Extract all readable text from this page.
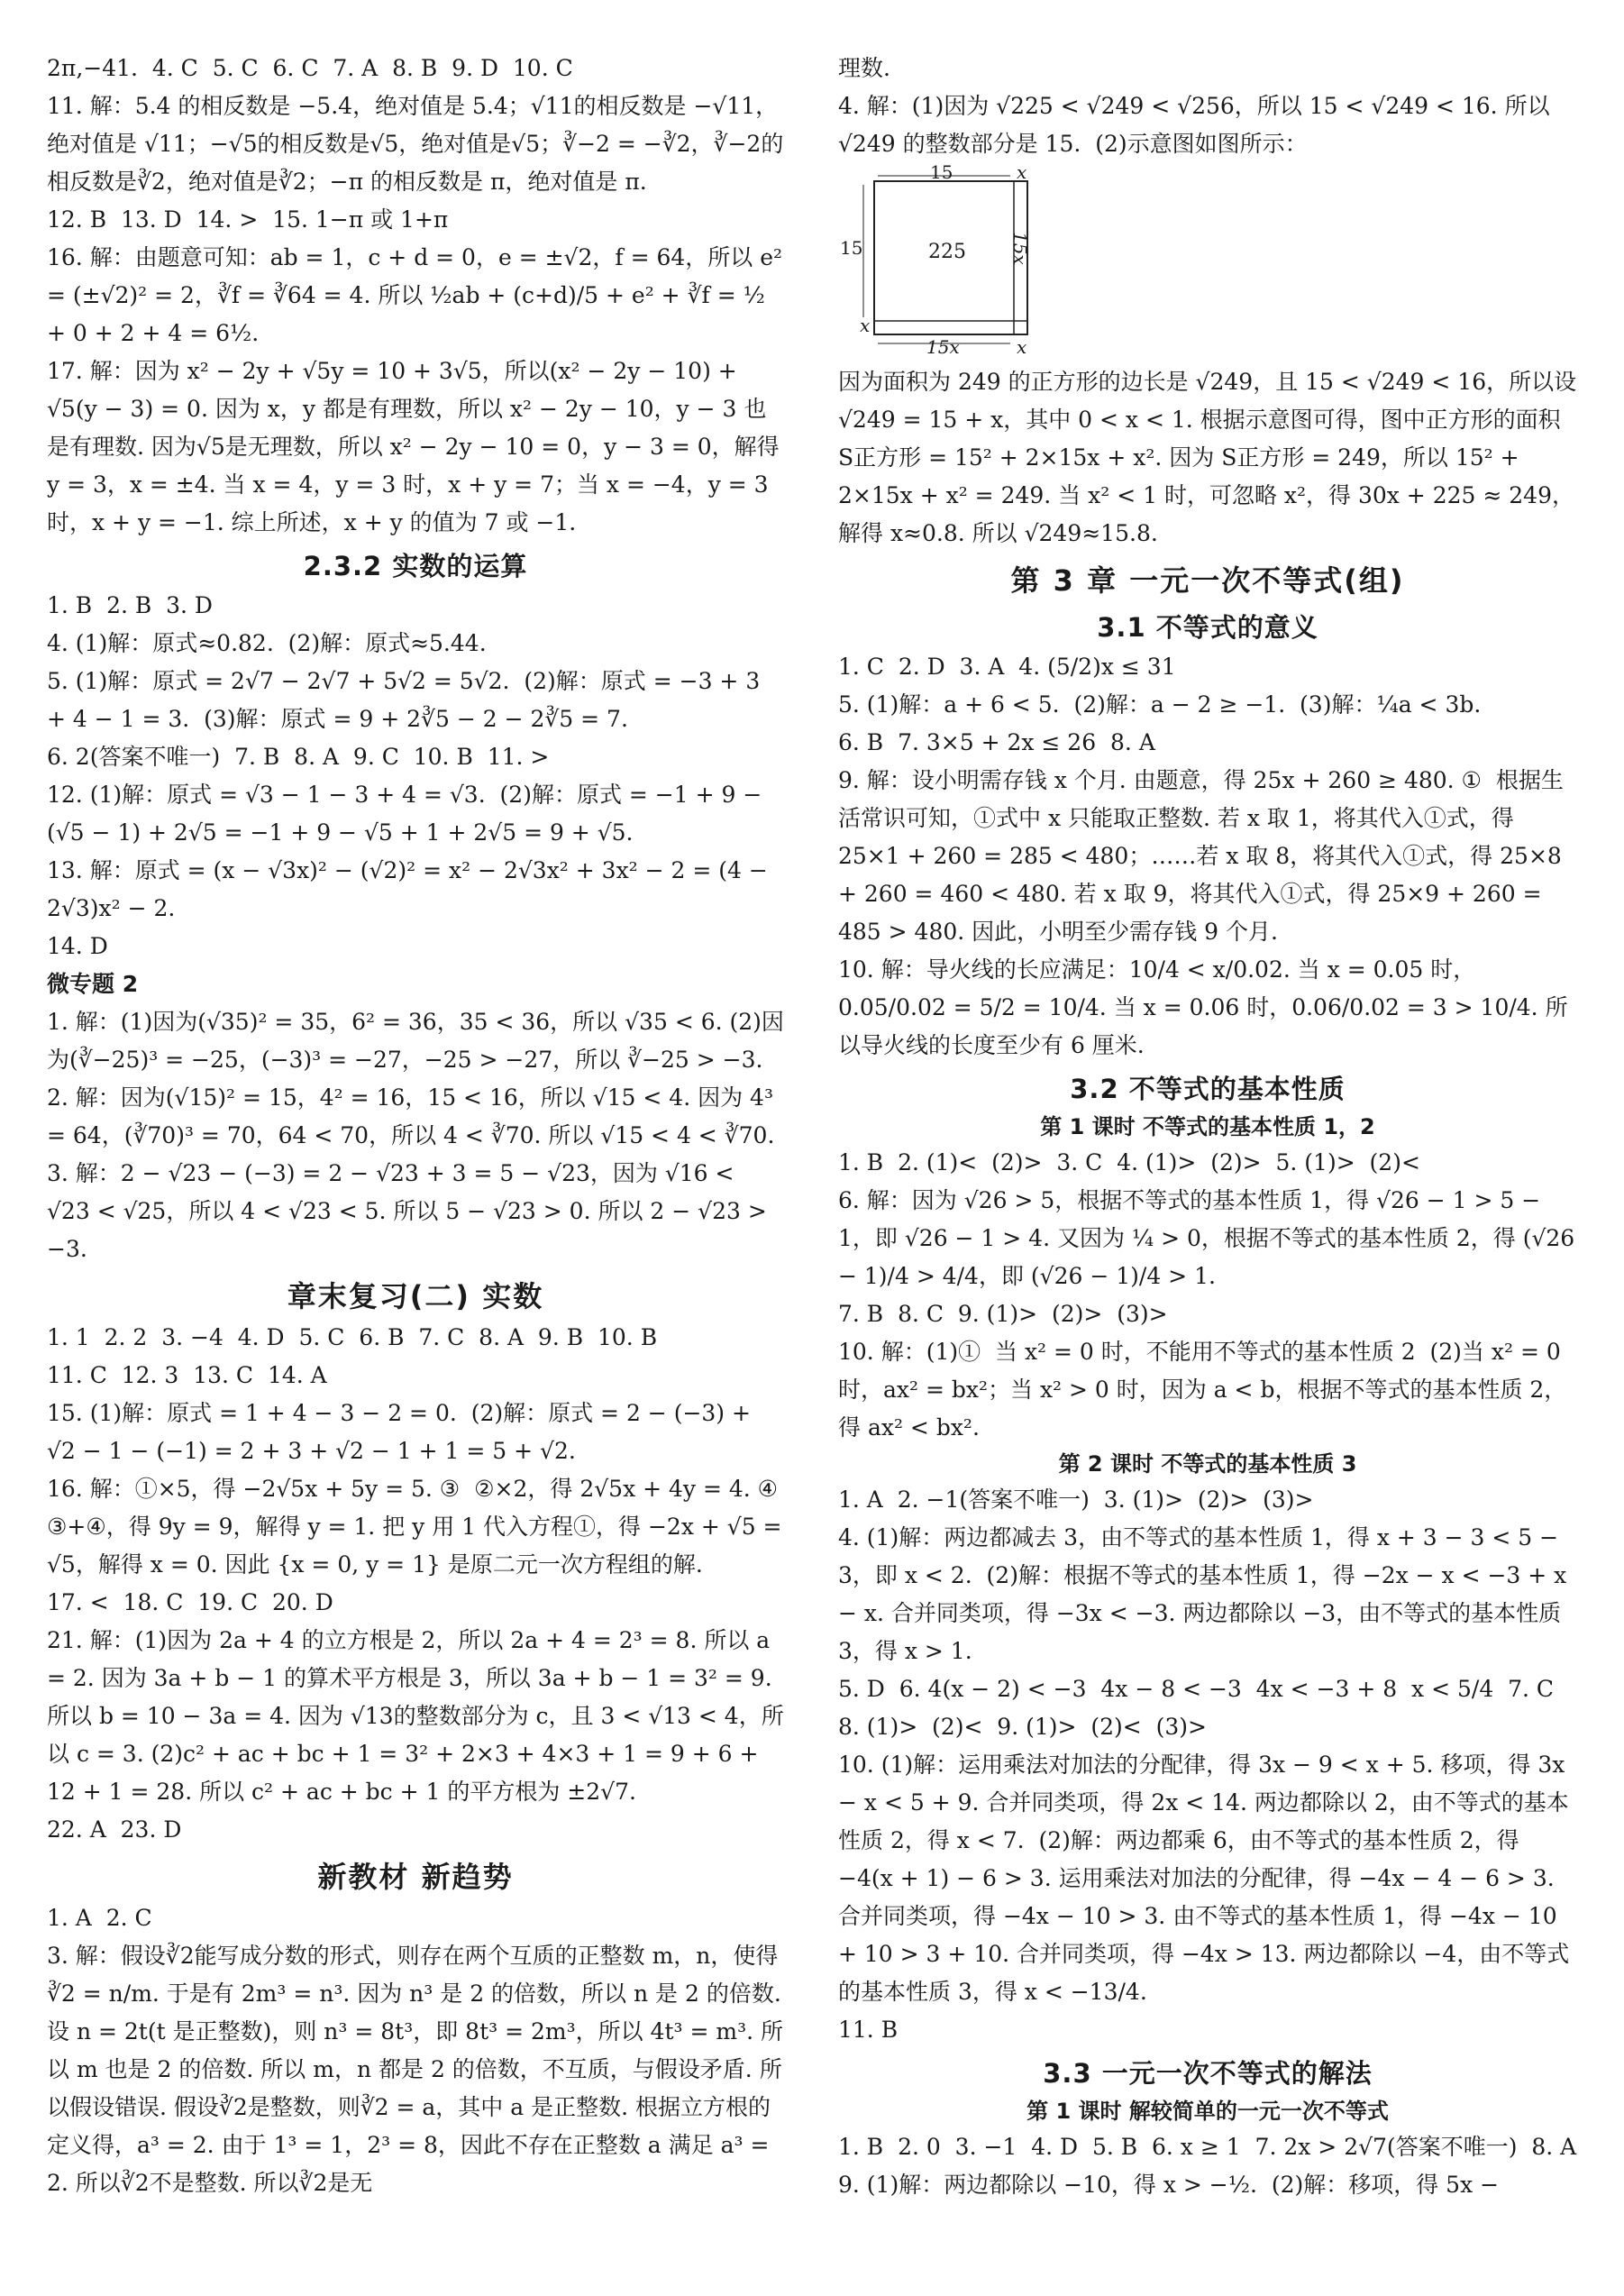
2π,−41.  4. C  5. C  6. C  7. A  8. B  9. D  10. C

11. 解：5.4 的相反数是 −5.4，绝对值是 5.4；√11的相反数是 −√11，绝对值是 √11；−√5的相反数是√5，绝对值是√5；∛−2 = −∛2，∛−2的相反数是∛2，绝对值是∛2；−π 的相反数是 π，绝对值是 π.

12. B  13. D  14. >  15. 1−π 或 1+π

16. 解：由题意可知：ab = 1，c + d = 0，e = ±√2，f = 64，所以 e² = (±√2)² = 2，∛f = ∛64 = 4. 所以 ½ab + (c+d)/5 + e² + ∛f = ½ + 0 + 2 + 4 = 6½.

17. 解：因为 x² − 2y + √5y = 10 + 3√5，所以(x² − 2y − 10) + √5(y − 3) = 0. 因为 x，y 都是有理数，所以 x² − 2y − 10，y − 3 也是有理数. 因为√5是无理数，所以 x² − 2y − 10 = 0，y − 3 = 0，解得 y = 3，x = ±4. 当 x = 4，y = 3 时，x + y = 7；当 x = −4，y = 3 时，x + y = −1. 综上所述，x + y 的值为 7 或 −1.

2.3.2 实数的运算

1. B  2. B  3. D

4. (1)解：原式≈0.82.  (2)解：原式≈5.44.

5. (1)解：原式 = 2√7 − 2√7 + 5√2 = 5√2.  (2)解：原式 = −3 + 3 + 4 − 1 = 3.  (3)解：原式 = 9 + 2∛5 − 2 − 2∛5 = 7.

6. 2(答案不唯一)  7. B  8. A  9. C  10. B  11. >

12. (1)解：原式 = √3 − 1 − 3 + 4 = √3.  (2)解：原式 = −1 + 9 − (√5 − 1) + 2√5 = −1 + 9 − √5 + 1 + 2√5 = 9 + √5.

13. 解：原式 = (x − √3x)² − (√2)² = x² − 2√3x² + 3x² − 2 = (4 − 2√3)x² − 2.

14. D

微专题 2

1. 解：(1)因为(√35)² = 35，6² = 36，35 < 36，所以 √35 < 6. (2)因为(∛−25)³ = −25，(−3)³ = −27，−25 > −27，所以 ∛−25 > −3.

2. 解：因为(√15)² = 15，4² = 16，15 < 16，所以 √15 < 4. 因为 4³ = 64，(∛70)³ = 70，64 < 70，所以 4 < ∛70. 所以 √15 < 4 < ∛70.

3. 解：2 − √23 − (−3) = 2 − √23 + 3 = 5 − √23，因为 √16 < √23 < √25，所以 4 < √23 < 5. 所以 5 − √23 > 0. 所以 2 − √23 > −3.

章末复习(二) 实数

1. 1  2. 2  3. −4  4. D  5. C  6. B  7. C  8. A  9. B  10. B

11. C  12. 3  13. C  14. A

15. (1)解：原式 = 1 + 4 − 3 − 2 = 0.  (2)解：原式 = 2 − (−3) + √2 − 1 − (−1) = 2 + 3 + √2 − 1 + 1 = 5 + √2.

16. 解：①×5，得 −2√5x + 5y = 5. ③  ②×2，得 2√5x + 4y = 4. ④  ③+④，得 9y = 9，解得 y = 1. 把 y 用 1 代入方程①，得 −2x + √5 = √5，解得 x = 0. 因此 {x = 0, y = 1} 是原二元一次方程组的解.

17. <  18. C  19. C  20. D

21. 解：(1)因为 2a + 4 的立方根是 2，所以 2a + 4 = 2³ = 8. 所以 a = 2. 因为 3a + b − 1 的算术平方根是 3，所以 3a + b − 1 = 3² = 9. 所以 b = 10 − 3a = 4. 因为 √13的整数部分为 c，且 3 < √13 < 4，所以 c = 3. (2)c² + ac + bc + 1 = 3² + 2×3 + 4×3 + 1 = 9 + 6 + 12 + 1 = 28. 所以 c² + ac + bc + 1 的平方根为 ±2√7.

22. A  23. D

新教材 新趋势

1. A  2. C

3. 解：假设∛2能写成分数的形式，则存在两个互质的正整数 m，n，使得∛2 = n/m. 于是有 2m³ = n³. 因为 n³ 是 2 的倍数，所以 n 是 2 的倍数. 设 n = 2t(t 是正整数)，则 n³ = 8t³，即 8t³ = 2m³，所以 4t³ = m³. 所以 m 也是 2 的倍数. 所以 m，n 都是 2 的倍数，不互质，与假设矛盾. 所以假设错误. 假设∛2是整数，则∛2 = a，其中 a 是正整数. 根据立方根的定义得，a³ = 2. 由于 1³ = 1，2³ = 8，因此不存在正整数 a 满足 a³ = 2. 所以∛2不是整数. 所以∛2是无

理数.

4. 解：(1)因为 √225 < √249 < √256，所以 15 < √249 < 16. 所以 √249 的整数部分是 15.  (2)示意图如图所示：

15
15	225 15x
15x
x
x
x

因为面积为 249 的正方形的边长是 √249，且 15 < √249 < 16，所以设 √249 = 15 + x，其中 0 < x < 1. 根据示意图可得，图中正方形的面积 S正方形 = 15² + 2×15x + x². 因为 S正方形 = 249，所以 15² + 2×15x + x² = 249. 当 x² < 1 时，可忽略 x²，得 30x + 225 ≈ 249，解得 x≈0.8. 所以 √249≈15.8.

第 3 章 一元一次不等式(组)
3.1 不等式的意义

1. C  2. D  3. A  4. (5/2)x ≤ 31

5. (1)解：a + 6 < 5.  (2)解：a − 2 ≥ −1.  (3)解：¼a < 3b.

6. B  7. 3×5 + 2x ≤ 26  8. A

9. 解：设小明需存钱 x 个月. 由题意，得 25x + 260 ≥ 480. ①  根据生活常识可知，①式中 x 只能取正整数. 若 x 取 1，将其代入①式，得 25×1 + 260 = 285 < 480；……若 x 取 8，将其代入①式，得 25×8 + 260 = 460 < 480. 若 x 取 9，将其代入①式，得 25×9 + 260 = 485 > 480. 因此，小明至少需存钱 9 个月.

10. 解：导火线的长应满足：10/4 < x/0.02. 当 x = 0.05 时，0.05/0.02 = 5/2 = 10/4. 当 x = 0.06 时，0.06/0.02 = 3 > 10/4. 所以导火线的长度至少有 6 厘米.

3.2 不等式的基本性质
第 1 课时 不等式的基本性质 1，2

1. B  2. (1)<  (2)>  3. C  4. (1)>  (2)>  5. (1)>  (2)<

6. 解：因为 √26 > 5，根据不等式的基本性质 1，得 √26 − 1 > 5 − 1，即 √26 − 1 > 4. 又因为 ¼ > 0，根据不等式的基本性质 2，得 (√26 − 1)/4 > 4/4，即 (√26 − 1)/4 > 1.

7. B  8. C  9. (1)>  (2)>  (3)>

10. 解：(1)①  当 x² = 0 时，不能用不等式的基本性质 2  (2)当 x² = 0 时，ax² = bx²；当 x² > 0 时，因为 a < b，根据不等式的基本性质 2，得 ax² < bx².

第 2 课时 不等式的基本性质 3

1. A  2. −1(答案不唯一)  3. (1)>  (2)>  (3)>

4. (1)解：两边都减去 3，由不等式的基本性质 1，得 x + 3 − 3 < 5 − 3，即 x < 2.  (2)解：根据不等式的基本性质 1，得 −2x − x < −3 + x − x. 合并同类项，得 −3x < −3. 两边都除以 −3，由不等式的基本性质 3，得 x > 1.

5. D  6. 4(x − 2) < −3  4x − 8 < −3  4x < −3 + 8  x < 5/4  7. C

8. (1)>  (2)<  9. (1)>  (2)<  (3)>

10. (1)解：运用乘法对加法的分配律，得 3x − 9 < x + 5. 移项，得 3x − x < 5 + 9. 合并同类项，得 2x < 14. 两边都除以 2，由不等式的基本性质 2，得 x < 7.  (2)解：两边都乘 6，由不等式的基本性质 2，得 −4(x + 1) − 6 > 3. 运用乘法对加法的分配律，得 −4x − 4 − 6 > 3. 合并同类项，得 −4x − 10 > 3. 由不等式的基本性质 1，得 −4x − 10 + 10 > 3 + 10. 合并同类项，得 −4x > 13. 两边都除以 −4，由不等式的基本性质 3，得 x < −13/4.

11. B

3.3 一元一次不等式的解法
第 1 课时 解较简单的一元一次不等式

1. B  2. 0  3. −1  4. D  5. B  6. x ≥ 1  7. 2x > 2√7(答案不唯一)  8. A

9. (1)解：两边都除以 −10，得 x > −½.  (2)解：移项，得 5x −
